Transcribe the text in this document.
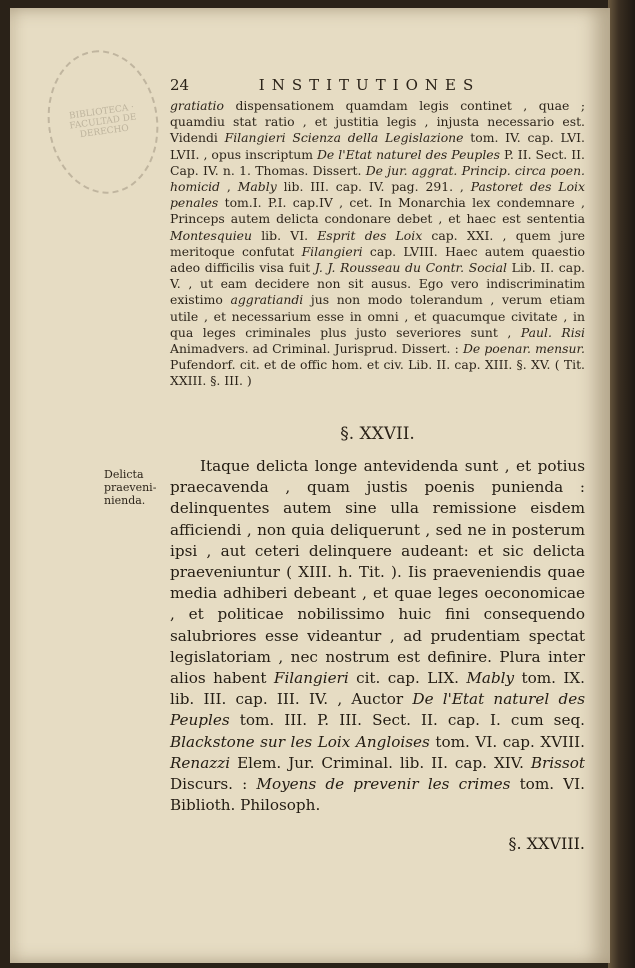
BIBLIOTECA · FACULTAD DE DERECHO
24	INSTITUTIONES

gratiatio dispensationem quamdam legis continet , quae ; quamdiu stat ratio , et justitia legis , injusta necessario est. Videndi Filangieri Scienza della Legislazione tom. IV. cap. LVI. LVII. , opus inscriptum De l'Etat naturel des Peuples P. II. Sect. II. Cap. IV. n. 1. Thomas. Dissert. De jur. aggrat. Princip. circa poen. homicid , Mably lib. III. cap. IV. pag. 291. , Pastoret des Loix penales tom.I. P.I. cap.IV , cet. In Monarchia lex condemnare , Princeps autem delicta condonare debet , et haec est sententia Montesquieu lib. VI. Esprit des Loix cap. XXI. , quem jure meritoque confutat Filangieri cap. LVIII. Haec autem quaestio adeo difficilis visa fuit J. J. Rousseau du Contr. Social Lib. II. cap. V. , ut eam decidere non sit ausus. Ego vero indiscriminatim existimo aggratiandi jus non modo tolerandum , verum etiam utile , et necessarium esse in omni , et quacumque civitate , in qua leges criminales plus justo severiores sunt , Paul. Risi Animadvers. ad Criminal. Jurisprud. Dissert. : De poenar. mensur. Pufendorf. cit. et de offic hom. et civ. Lib. II. cap. XIII. §. XV. ( Tit. XXIII. §. III. )

§. XXVII.
Delicta praeveni-nienda.

Itaque delicta longe antevidenda sunt , et potius praecavenda , quam justis poenis punienda : delinquentes autem sine ulla remissione eisdem afficiendi , non quia deliquerunt , sed ne in posterum ipsi , aut ceteri delinquere audeant: et sic delicta praeveniuntur ( XIII. h. Tit. ). Iis praeveniendis quae media adhiberi debeant , et quae leges oeconomicae , et politicae nobilissimo huic fini consequendo salubriores esse videantur , ad prudentiam spectat legislatoriam , nec nostrum est definire. Plura inter alios habent Filangieri cit. cap. LIX. Mably tom. IX. lib. III. cap. III. IV. , Auctor De l'Etat naturel des Peuples tom. III. P. III. Sect. II. cap. I. cum seq. Blackstone sur les Loix Angloises tom. VI. cap. XVIII. Renazzi Elem. Jur. Criminal. lib. II. cap. XIV. Brissot Discurs. : Moyens de prevenir les crimes tom. VI. Biblioth. Philosoph.

§. XXVIII.
